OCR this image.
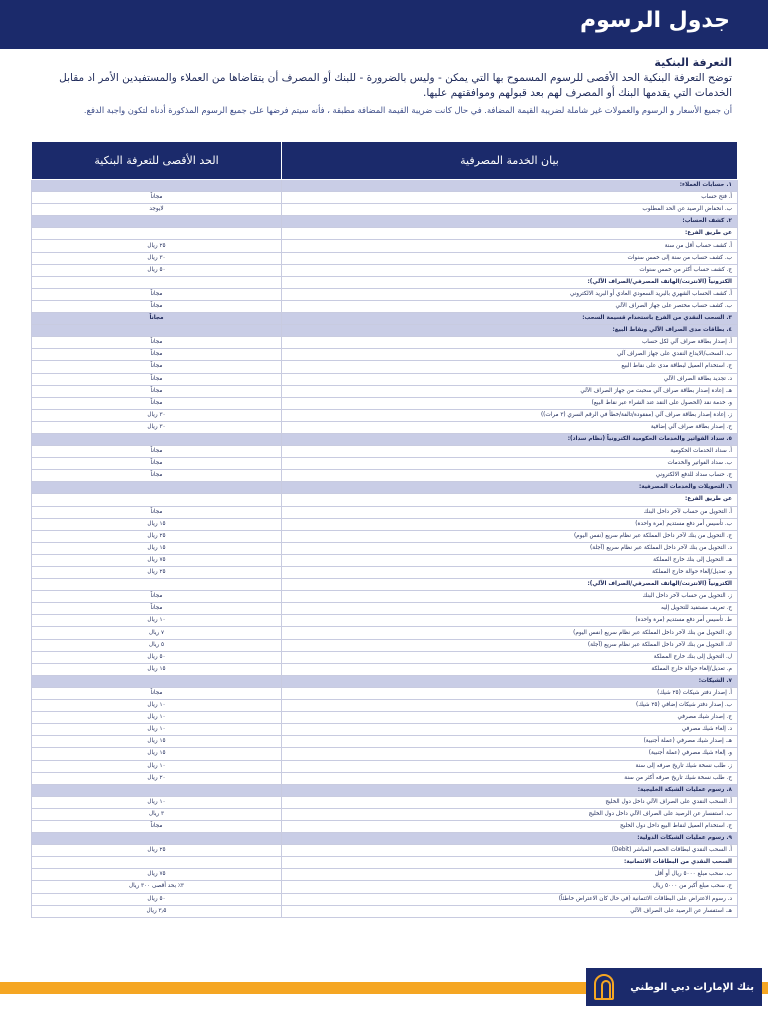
جدول الرسوم
التعرفة البنكية

توضح التعرفة البنكية الحد الأقصى للرسوم المسموح بها التي يمكن - وليس بالضرورة - للبنك أو المصرف أن يتقاضاها من العملاء والمستفيدين الأمر اد مقابل الخدمات التي يقدمها البنك أو المصرف لهم بعد قبولهم وموافقتهم عليها.

أن جميع الأسعار و الرسوم والعمولات غير شاملة لضريبة القيمة المضافة. في حال كانت ضريبة القيمة المضافة مطبقة ، فأنه سيتم فرضها على جميع الرسوم المذكورة أدناه لتكون واجبة الدفع.

بيان الخدمة المصرفية	الحد الأقصى للتعرفة البنكية
١. حسابات العملاء:	
أ. فتح حساب	مجاناً
ب. انخفاض الرصيد عن الحد المطلوب	لايوجد
٢. كشف الحساب:	
عن طريق الفرع:	
أ. كشف حساب أقل من سنة	٢٥ ريال
ب. كشف حساب من سنة إلى خمس سنوات	٣٠ ريال
ج. كشف حساب أكثر من خمس سنوات	٥٠ ريال
الكترونياً (الانترنت/الهاتف المصرفي/الصراف الآلي):	
أ. كشف الحساب الشهري بالبريد السعودي العادي أو البريد الالكتروني	مجاناً
ب. كشف حساب مختصر على جهاز الصراف الآلي	مجاناً
٣. السحب النقدي من الفرع باستخدام قسيمة السحب:	مجاناً
٤. بطاقات مدى الصراف الآلي ونقاط البيع:	
أ. إصدار بطاقة صراف آلي لكل حساب	مجاناً
ب. السحب/الايداع النقدي على جهاز الصراف آلي	مجاناً
ج. استخدام العميل لبطاقة مدى على نقاط البيع	مجاناً
د. تجديد بطاقة الصراف الآلي	مجاناً
هـ. إعادة إصدار بطاقة صراف آلي سحبت من جهاز الصراف الآلي	مجاناً
و. خدمة نقد (الحصول على النقد عند الشراء عبر نقاط البيع)	مجاناً
ز. إعادة إصدار بطاقة صراف آلي (مفقودة/تالفة/خطأ في الرقم السري (٣ مرات))	٣٠ ريال
ح. إصدار بطاقة صراف آلي إضافية	٣٠ ريال
٥. سداد الفواتير والخدمات الحكومية الكترونياً (نظام سداد):	
أ. سداد الخدمات الحكومية	مجاناً
ب. سداد الفواتير والخدمات	مجاناً
ج. حساب سداد للدفع الالكتروني	مجاناً
٦. التحويلات والخدمات المصرفية:	
عن طريق الفرع:	
أ. التحويل من حساب لآخر داخل البنك	مجاناً
ب. تأسيس أمر دفع مستديم (مرة واحدة)	١٥ ريال
ج. التحويل من بنك لآخر داخل المملكة عبر نظام سريع (نفس اليوم)	٢٥ ريال
د. التحويل من بنك لآخر داخل المملكة عبر نظام سريع (آجلة)	١٥ ريال
هـ. التحويل إلى بنك خارج المملكة	٧٥ ريال
و. تعديل/إلغاء حوالة خارج المملكة	٢٥ ريال
الكترونياً (الانترنت/الهاتف المصرفي/الصراف الآلي):	
ز. التحويل من حساب لآخر داخل البنك	مجاناً
ح. تعريف مستفيد للتحويل إليه	مجاناً
ط. تأسيس أمر دفع مستديم (مرة واحدة)	١٠ ريال
ي. التحويل من بنك لآخر داخل المملكة عبر نظام سريع (نفس اليوم)	٧ ريال
ك. التحويل من بنك لآخر داخل المملكة عبر نظام سريع (آجلة)	٥ ريال
ل. التحويل إلى بنك خارج المملكة	٥٠ ريال
م. تعديل/إلغاء حوالة خارج المملكة	١٥ ريال
٧. الشيكات:	
أ. إصدار دفتر شيكات (٢٥ شيك)	مجاناً
ب. إصدار دفتر شيكات إضافي (٢٥ شيك)	١٠ ريال
ج. إصدار شيك مصرفي	١٠ ريال
د. إلغاء شيك مصرفي	١٠ ريال
هـ. إصدار شيك مصرفي (عملة أجنبية)	١٥ ريال
و. إلغاء شيك مصرفي (عملة أجنبية)	١٥ ريال
ز. طلب نسخة شيك تاريخ صرفه إلى سنة	١٠ ريال
ح. طلب نسخة شيك تاريخ صرفه أكثر من سنة	٢٠ ريال
٨. رسوم عمليات الشبكة الخليجية:	
أ. السحب النقدي على الصراف الآلي داخل دول الخليج	١٠ ريال
ب. استفسار عن الرصيد على الصراف الآلي داخل دول الخليج	٣ ريال
ج. استخدام العميل لنقاط البيع داخل دول الخليج	مجاناً
٩. رسوم عمليات الشبكات الدولية:	
أ. السحب النقدي لبطاقات الخصم المباشر (Debit)	٢٥ ريال
السحب النقدي من البطاقات الائتمانية:	
ب. سحب مبلغ ٥٠٠٠ ريال أو أقل	٧٥ ريال
ج. سحب مبلغ أكبر من ٥٠٠٠ ريال	٣٪ بحد أقصى ٣٠٠ ريال
د. رسوم الاعتراض على البطاقات الائتمانية (في حال كان الاعتراض خاطئاً)	٥٠ ريال
هـ. استفسار عن الرصيد على الصراف الآلي	٣٫٥ ريال
بنك الإمارات دبي الوطني
